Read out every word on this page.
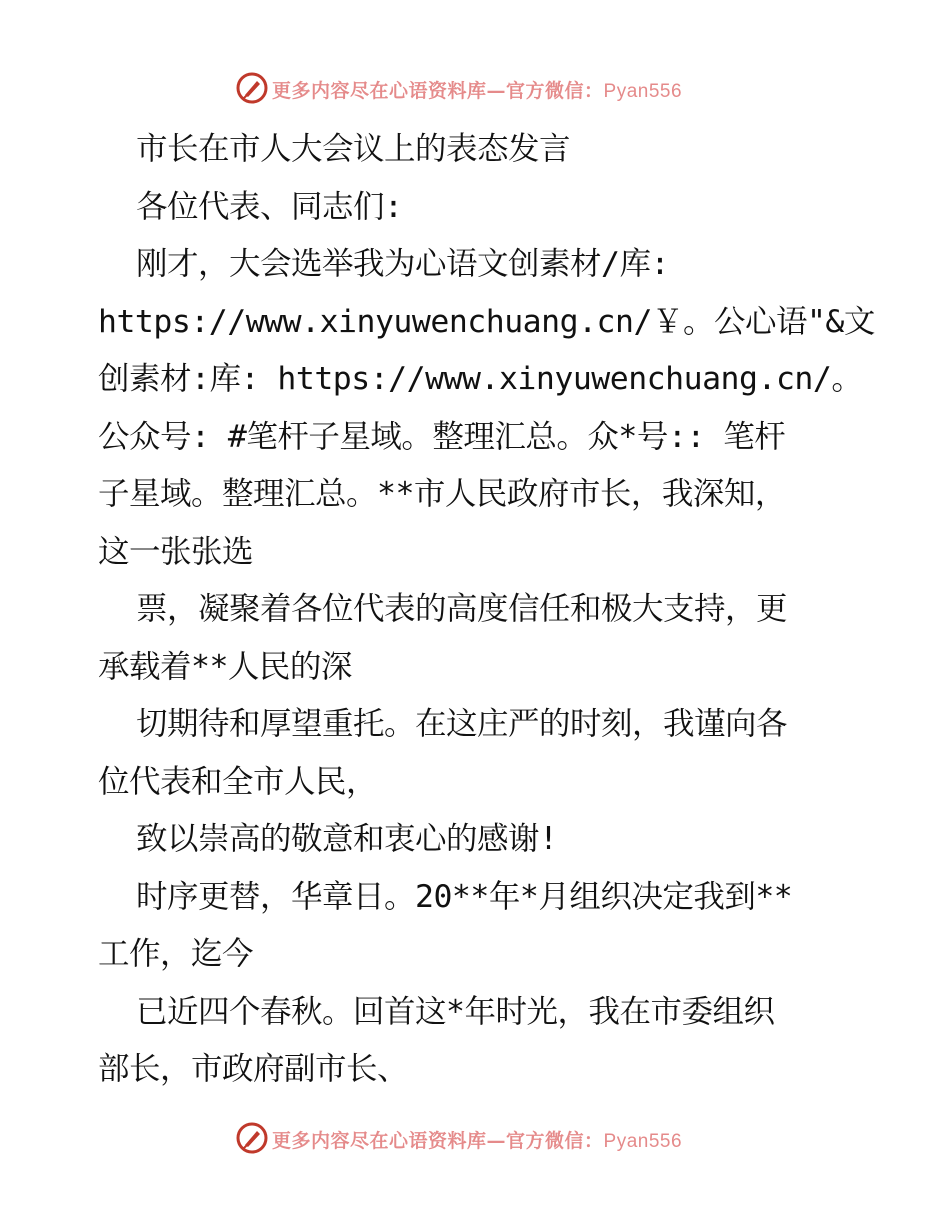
更多内容尽在心语资料库—官方微信：Pyan556
市长在市人大会议上的表态发言
各位代表、同志们:
刚才，大会选举我为心语文创素材/库:
https://www.xinyuwenchuang.cn/￥。公心语"&文
创素材:库: https://www.xinyuwenchuang.cn/。
公众号: #笔杆子星域。整理汇总。众*号:: 笔杆
子星域。整理汇总。**市人民政府市长，我深知，
这一张张选
票，凝聚着各位代表的高度信任和极大支持，更
承载着**人民的深
切期待和厚望重托。在这庄严的时刻，我谨向各
位代表和全市人民，
致以崇高的敬意和衷心的感谢!
时序更替，华章日。20**年*月组织决定我到**
工作，迄今
已近四个春秋。回首这*年时光，我在市委组织
部长，市政府副市长、
更多内容尽在心语资料库—官方微信：Pyan556
